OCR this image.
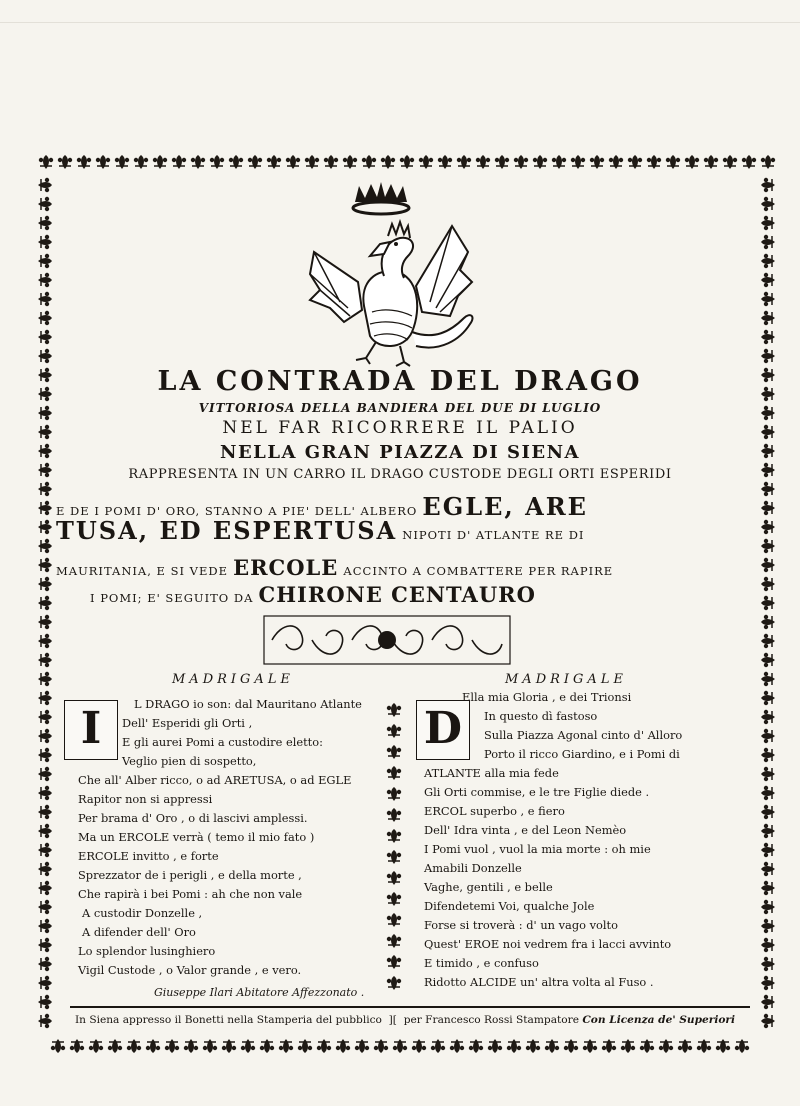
LA CONTRADA DEL DRAGO
VITTORIOSA DELLA BANDIERA DEL DUE DI LUGLIO
NEL FAR RICORRERE IL PALIO
NELLA GRAN PIAZZA DI SIENA
RAPPRESENTA IN UN CARRO IL DRAGO CUSTODE DEGLI ORTI ESPERIDI
E DE I POMI D' ORO, STANNO A PIE' DELL' ALBERO EGLE, ARE
TUSA, ED ESPERTUSA NIPOTI D' ATLANTE RE DI
MAURITANIA, E SI VEDE ERCOLE ACCINTO A COMBATTERE PER RAPIRE
I POMI; E' SEGUITO DA CHIRONE CENTAURO
MADRIGALE	MADRIGALE
I	D
L DRAGO io son: dal Mauritano Atlante
Dell' Esperidi gli Orti ,
E gli aurei Pomi a custodire eletto:
Veglio pien di sospetto,
Che all' Alber ricco, o ad ARETUSA, o ad EGLE
Rapitor non si appressi
Per brama d' Oro , o di lascivi amplessi.
Ma un ERCOLE verrà ( temo il mio fato )
ERCOLE invitto , e forte
Sprezzator de i perigli , e della morte ,
Che rapirà i bei Pomi : ah che non vale
A custodir Donzelle ,
A difender dell' Oro
Lo splendor lusinghiero
Vigil Custode , o Valor grande , e vero.
Ella mia Gloria , e dei Trionsi
In questo dì fastoso
Sulla Piazza Agonal cinto d' Alloro
Porto il ricco Giardino, e i Pomi di
ATLANTE alla mia fede
Gli Orti commise, e le tre Figlie diede .
ERCOL superbo , e fiero
Dell' Idra vinta , e del Leon Nemèo
I Pomi vuol , vuol la mia morte : oh mie
Amabili Donzelle
Vaghe, gentili , e belle
Difendetemi Voi, qualche Jole
Forse si troverà : d' un vago volto
Quest' EROE noi vedrem fra i lacci avvinto
E timido , e confuso
Ridotto ALCIDE un' altra volta al Fuso .
Giuseppe Ilari Abitatore Affezzonato .
In Siena appresso il Bonetti nella Stamperia del pubblico ][ per Francesco Rossi Stampatore Con Licenza de' Superiori
